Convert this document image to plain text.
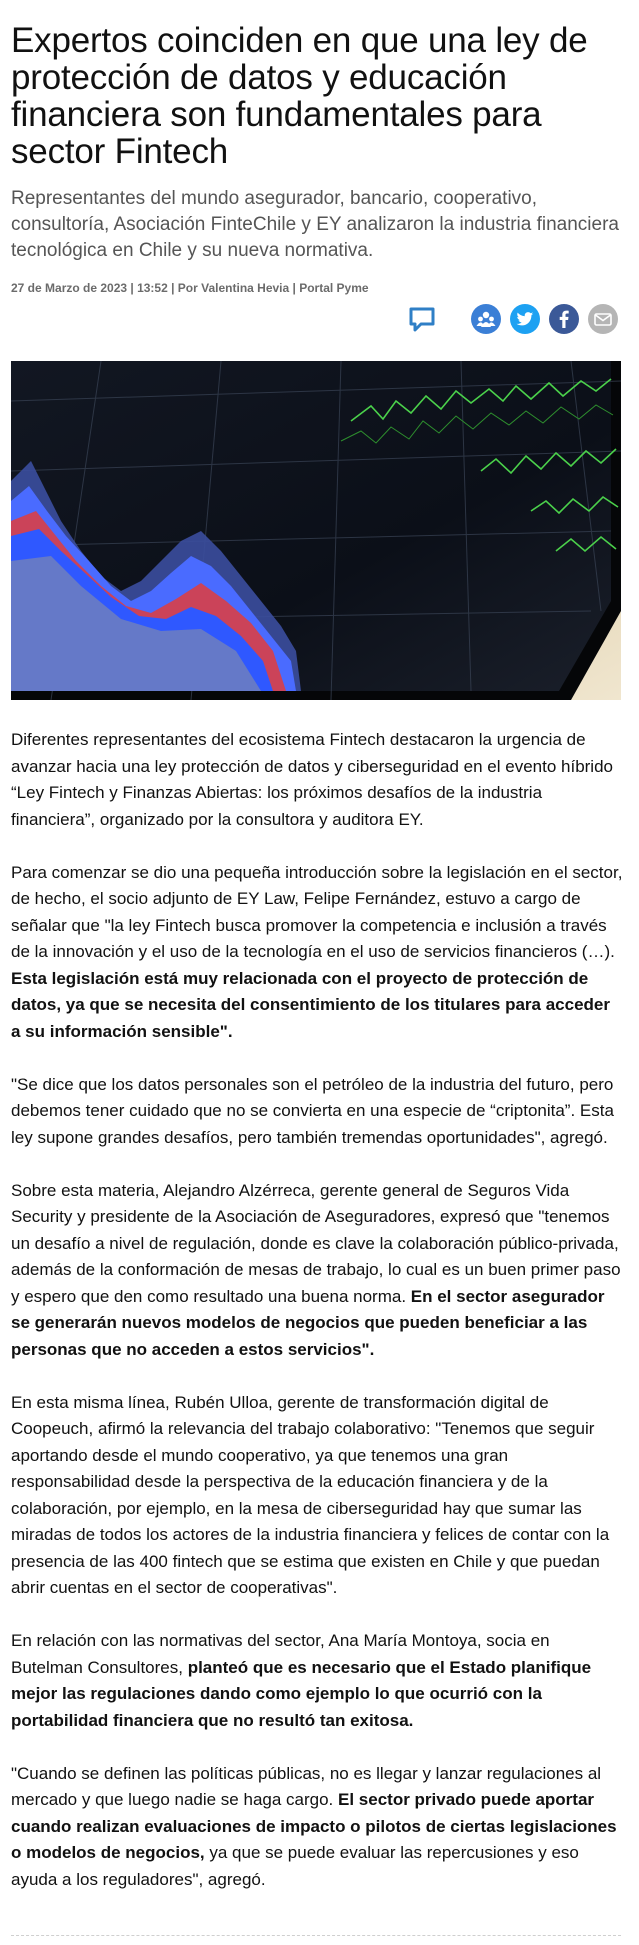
Expertos coinciden en que una ley de protección de datos y educación financiera son fundamentales para sector Fintech
Representantes del mundo asegurador, bancario, cooperativo, consultoría, Asociación FinteChile y EY analizaron la industria financiera tecnológica en Chile y su nueva normativa.
27 de Marzo de 2023 | 13:52 | Por Valentina Hevia | Portal Pyme

Diferentes representantes del ecosistema Fintech destacaron la urgencia de avanzar hacia una ley protección de datos y ciberseguridad en el evento híbrido “Ley Fintech y Finanzas Abiertas: los próximos desafíos de la industria financiera”, organizado por la consultora y auditora EY.

Para comenzar se dio una pequeña introducción sobre la legislación en el sector, de hecho, el socio adjunto de EY Law, Felipe Fernández, estuvo a cargo de señalar que "la ley Fintech busca promover la competencia e inclusión a través de la innovación y el uso de la tecnología en el uso de servicios financieros (…). Esta legislación está muy relacionada con el proyecto de protección de datos, ya que se necesita del consentimiento de los titulares para acceder a su información sensible".

"Se dice que los datos personales son el petróleo de la industria del futuro, pero debemos tener cuidado que no se convierta en una especie de “criptonita”. Esta ley supone grandes desafíos, pero también tremendas oportunidades", agregó.

Sobre esta materia, Alejandro Alzérreca, gerente general de Seguros Vida Security y presidente de la Asociación de Aseguradores, expresó que "tenemos un desafío a nivel de regulación, donde es clave la colaboración público-privada, además de la conformación de mesas de trabajo, lo cual es un buen primer paso y espero que den como resultado una buena norma. En el sector asegurador se generarán nuevos modelos de negocios que pueden beneficiar a las personas que no acceden a estos servicios".

En esta misma línea, Rubén Ulloa, gerente de transformación digital de Coopeuch, afirmó la relevancia del trabajo colaborativo: "Tenemos que seguir aportando desde el mundo cooperativo, ya que tenemos una gran responsabilidad desde la perspectiva de la educación financiera y de la colaboración, por ejemplo, en la mesa de ciberseguridad hay que sumar las miradas de todos los actores de la industria financiera y felices de contar con la presencia de las 400 fintech que se estima que existen en Chile y que puedan abrir cuentas en el sector de cooperativas".

En relación con las normativas del sector, Ana María Montoya, socia en Butelman Consultores, planteó que es necesario que el Estado planifique mejor las regulaciones dando como ejemplo lo que ocurrió con la portabilidad financiera que no resultó tan exitosa.

"Cuando se definen las políticas públicas, no es llegar y lanzar regulaciones al mercado y que luego nadie se haga cargo. El sector privado puede aportar cuando realizan evaluaciones de impacto o pilotos de ciertas legislaciones o modelos de negocios, ya que se puede evaluar las repercusiones y eso ayuda a los reguladores", agregó.
